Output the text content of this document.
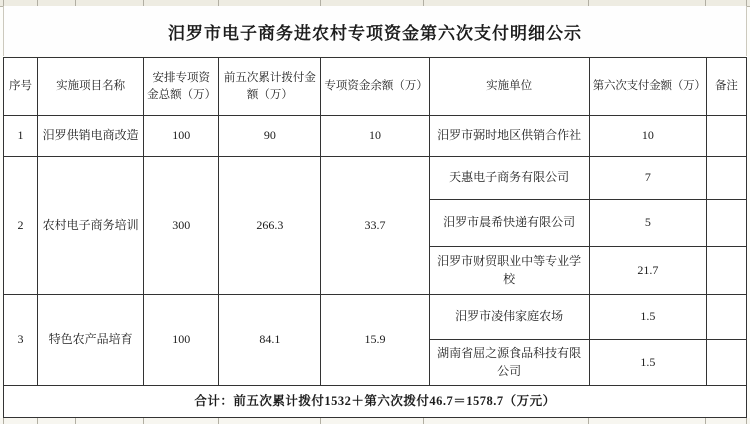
汨罗市电子商务进农村专项资金第六次支付明细公示
序号	实施项目名称	安排专项资金总额（万）	前五次累计拨付金额（万）	专项资金余额（万）	实施单位	第六次支付金额（万）	备注
1	汨罗供销电商改造	100	90	10	汨罗市弼时地区供销合作社	10	
2	农村电子商务培训	300	266.3	33.7	天惠电子商务有限公司	7	
					汨罗市晨希快递有限公司	5	
					汨罗市财贸职业中等专业学校	21.7	
3	特色农产品培育	100	84.1	15.9	汨罗市凌伟家庭农场	1.5	
					湖南省屈之源食品科技有限公司	1.5	
合计：前五次累计拨付1532＋第六次拨付46.7＝1578.7（万元）							
